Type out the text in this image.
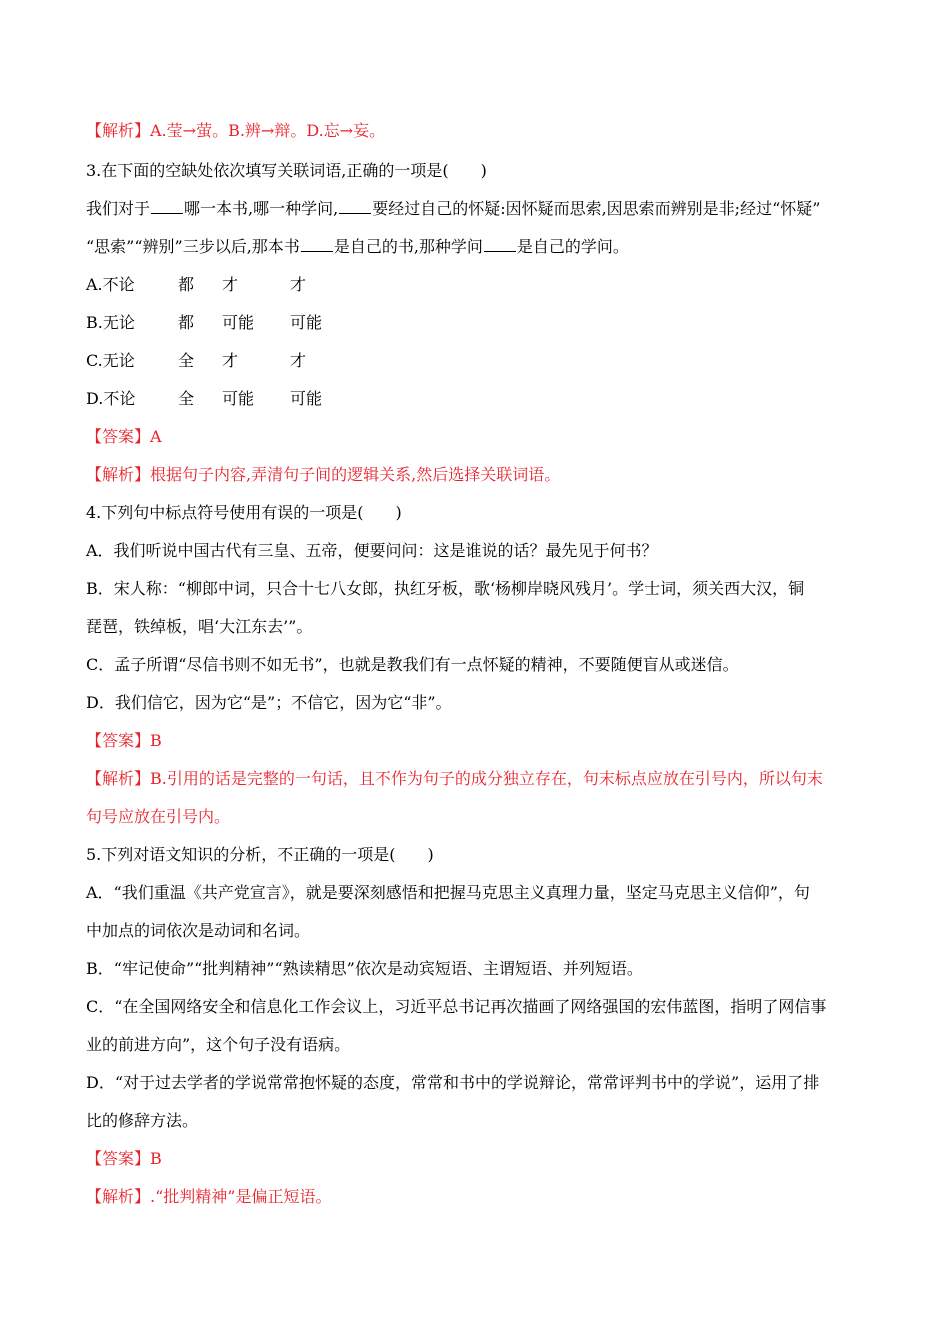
【解析】A.莹→萤。B.辨→辩。D.忘→妄。
3.在下面的空缺处依次填写关联词语,正确的一项是(　　)
我们对于 哪一本书,哪一种学问, 要经过自己的怀疑:因怀疑而思索,因思索而辨别是非;经过“怀疑”
“思索”“辨别”三步以后,那本书 是自己的书,那种学问 是自己的学问。
A.不论	都 才	才
B.无论	都 可能 可能
C.无论	全 才	才
D.不论	全 可能 可能
【答案】A
【解析】根据句子内容,弄清句子间的逻辑关系,然后选择关联词语。
4.下列句中标点符号使用有误的一项是(　　)
A．我们听说中国古代有三皇、五帝，便要问问：这是谁说的话？最先见于何书？
B．宋人称：“柳郎中词，只合十七八女郎，执红牙板，歌‘杨柳岸晓风残月’。学士词，须关西大汉，铜
琵琶，铁绰板，唱‘大江东去’”。
C．孟子所谓“尽信书则不如无书”，也就是教我们有一点怀疑的精神，不要随便盲从或迷信。
D．我们信它，因为它“是”；不信它，因为它“非”。
【答案】B
【解析】B.引用的话是完整的一句话，且不作为句子的成分独立存在，句末标点应放在引号内，所以句末
句号应放在引号内。
5.下列对语文知识的分析，不正确的一项是(　　)
A．“我们重温《共产党宣言》，就是要深刻感悟和把握马克思主义真理力量，坚定马克思主义信仰”，句
中加点的词依次是动词和名词。
B．“牢记使命”“批判精神”“熟读精思”依次是动宾短语、主谓短语、并列短语。
C．“在全国网络安全和信息化工作会议上，习近平总书记再次描画了网络强国的宏伟蓝图，指明了网信事
业的前进方向”，这个句子没有语病。
D．“对于过去学者的学说常常抱怀疑的态度，常常和书中的学说辩论，常常评判书中的学说”，运用了排
比的修辞方法。
【答案】B
【解析】.“批判精神”是偏正短语。
